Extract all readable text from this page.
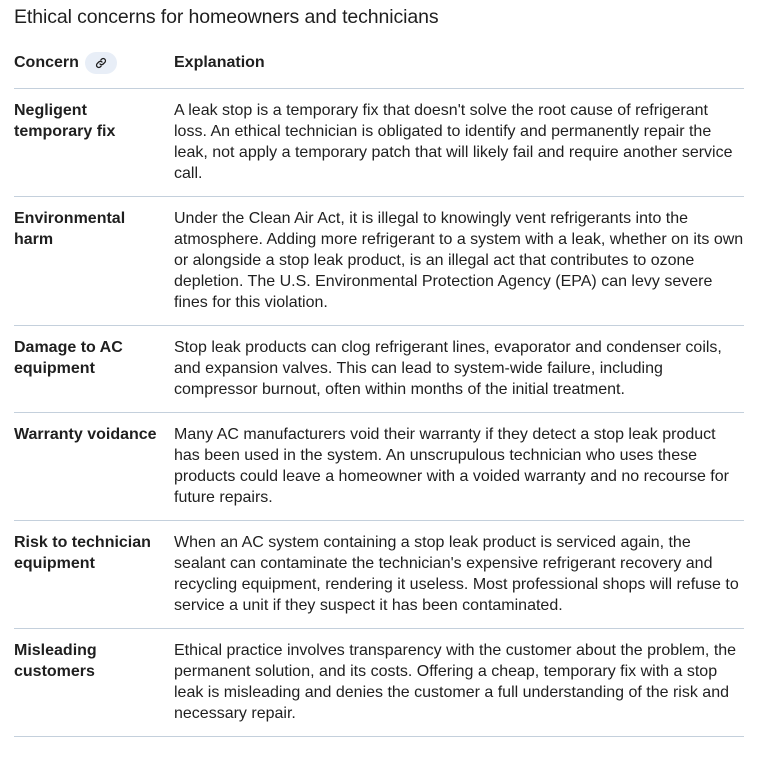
Ethical concerns for homeowners and technicians
Concern	Explanation
Negligent temporary fix
A leak stop is a temporary fix that doesn't solve the root cause of refrigerant loss. An ethical technician is obligated to identify and permanently repair the leak, not apply a temporary patch that will likely fail and require another service call.
Environmental harm
Under the Clean Air Act, it is illegal to knowingly vent refrigerants into the atmosphere. Adding more refrigerant to a system with a leak, whether on its own or alongside a stop leak product, is an illegal act that contributes to ozone depletion. The U.S. Environmental Protection Agency (EPA) can levy severe fines for this violation.
Damage to AC equipment
Stop leak products can clog refrigerant lines, evaporator and condenser coils, and expansion valves. This can lead to system-wide failure, including compressor burnout, often within months of the initial treatment.
Warranty voidance	Many AC manufacturers void their warranty if they detect a stop leak product has been used in the system. An unscrupulous technician who uses these products could leave a homeowner with a voided warranty and no recourse for future repairs.
Risk to technician equipment
When an AC system containing a stop leak product is serviced again, the sealant can contaminate the technician's expensive refrigerant recovery and recycling equipment, rendering it useless. Most professional shops will refuse to service a unit if they suspect it has been contaminated.
Misleading customers
Ethical practice involves transparency with the customer about the problem, the permanent solution, and its costs. Offering a cheap, temporary fix with a stop leak is misleading and denies the customer a full understanding of the risk and necessary repair.
